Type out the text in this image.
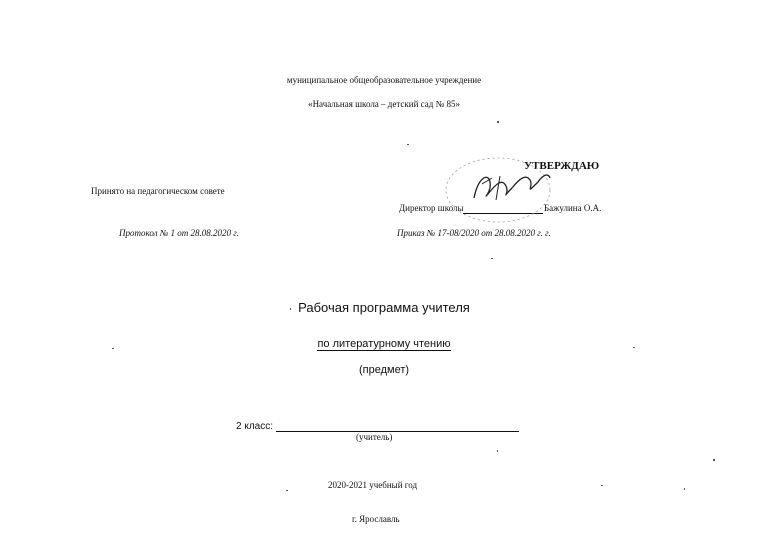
муниципальное общеобразовательное учреждение
«Начальная школа – детский сад № 85»
УТВЕРЖДАЮ
Принято на педагогическом совете
Директор школы	Бажулина О.А.
Протокол № 1 от 28.08.2020 г.	Приказ № 17-08/2020 от 28.08.2020 г. г.
Рабочая программа учителя
по литературному чтению
(предмет)
2 класс:
(учитель)
2020-2021 учебный год
г. Ярославль
